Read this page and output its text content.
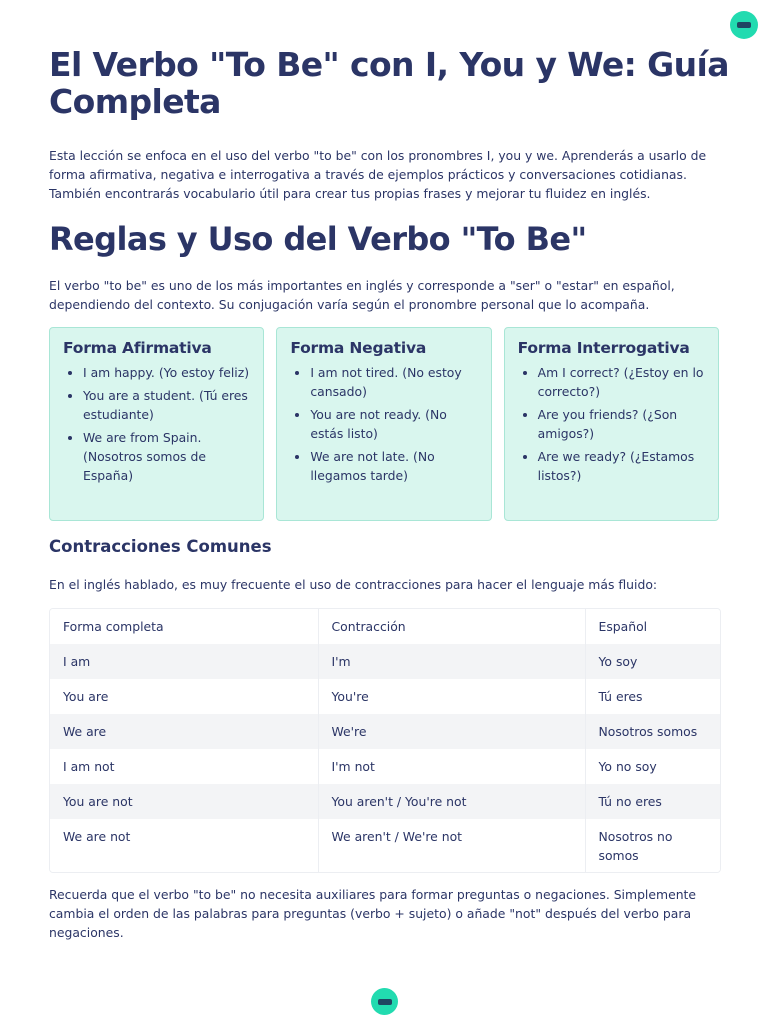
El Verbo "To Be" con I, You y We: Guía Completa

Esta lección se enfoca en el uso del verbo "to be" con los pronombres I, you y we. Aprenderás a usarlo de forma afirmativa, negativa e interrogativa a través de ejemplos prácticos y conversaciones cotidianas. También encontrarás vocabulario útil para crear tus propias frases y mejorar tu fluidez en inglés.

Reglas y Uso del Verbo "To Be"

El verbo "to be" es uno de los más importantes en inglés y corresponde a "ser" o "estar" en español, dependiendo del contexto. Su conjugación varía según el pronombre personal que lo acompaña.

Forma Afirmativa
• I am happy. (Yo estoy feliz)
• You are a student. (Tú eres estudiante)
• We are from Spain. (Nosotros somos de España)
Forma Negativa
• I am not tired. (No estoy cansado)
• You are not ready. (No estás listo)
• We are not late. (No llegamos tarde)
Forma Interrogativa
• Am I correct? (¿Estoy en lo correcto?)
• Are you friends? (¿Son amigos?)
• Are we ready? (¿Estamos listos?)
Contracciones Comunes

En el inglés hablado, es muy frecuente el uso de contracciones para hacer el lenguaje más fluido:

Forma completa	Contracción	Español
I am	I'm	Yo soy
You are	You're	Tú eres
We are	We're	Nosotros somos
I am not	I'm not	Yo no soy
You are not	You aren't / You're not	Tú no eres
We are not	We aren't / We're not	Nosotros no somos

Recuerda que el verbo "to be" no necesita auxiliares para formar preguntas o negaciones. Simplemente cambia el orden de las palabras para preguntas (verbo + sujeto) o añade "not" después del verbo para negaciones.
